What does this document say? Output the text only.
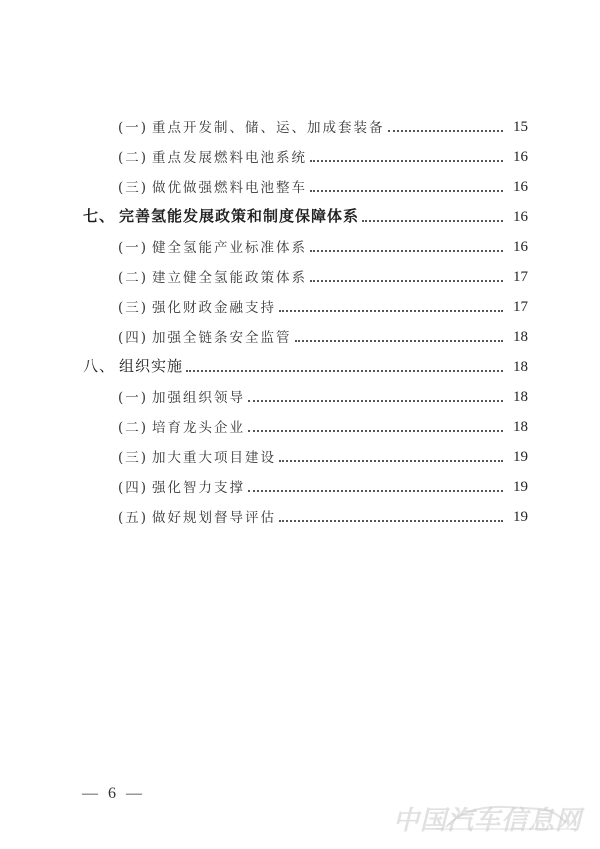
(一) 重点开发制、储、运、加成套装备	15
(二) 重点发展燃料电池系统	16
(三) 做优做强燃料电池整车	16
七、 完善氢能发展政策和制度保障体系	16
(一) 健全氢能产业标准体系	16
(二) 建立健全氢能政策体系	17
(三) 强化财政金融支持	17
(四) 加强全链条安全监管	18
八、 组织实施	18
(一) 加强组织领导	18
(二) 培育龙头企业	18
(三) 加大重大项目建设	19
(四) 强化智力支撑	19
(五) 做好规划督导评估	19
— 6 —
中国汽车信息网
